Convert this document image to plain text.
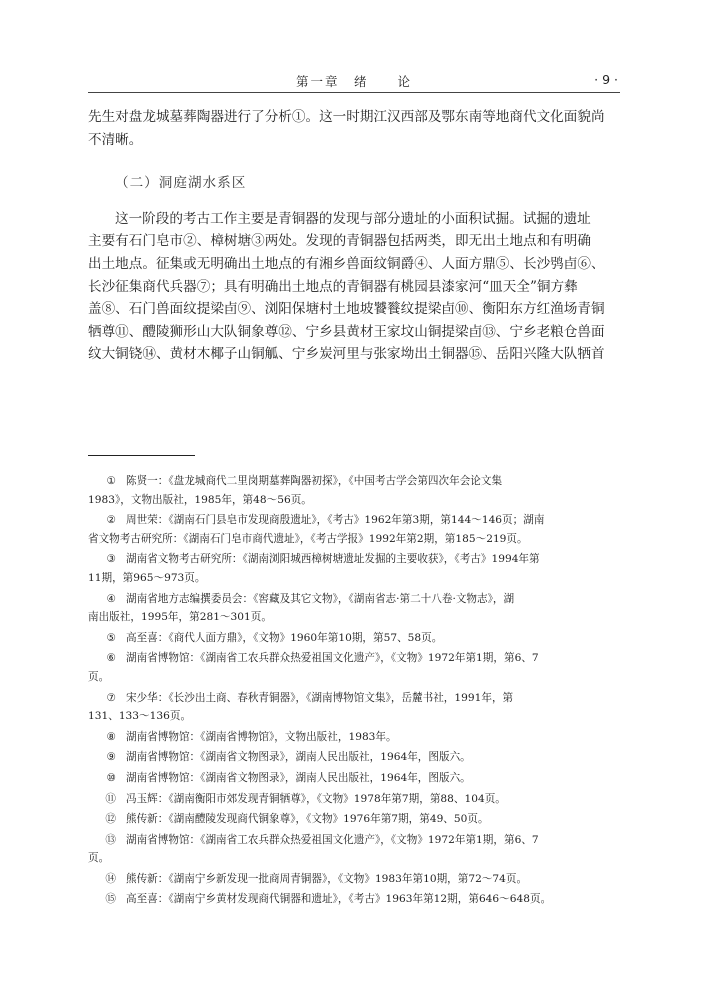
第一章　绪　　论	· 9 ·

先生对盘龙城墓葬陶器进行了分析①。这一时期江汉西部及鄂东南等地商代文化面貌尚
不清晰。

（二）洞庭湖水系区

这一阶段的考古工作主要是青铜器的发现与部分遗址的小面积试掘。试掘的遗址
主要有石门皂市②、樟树塘③两处。发现的青铜器包括两类，即无出土地点和有明确
出土地点。征集或无明确出土地点的有湘乡兽面纹铜爵④、人面方鼎⑤、长沙鸮卣⑥、
长沙征集商代兵器⑦；具有明确出土地点的青铜器有桃园县漆家河“皿天全”铜方彝
盖⑧、石门兽面纹提梁卣⑨、浏阳保塘村土地坡饕餮纹提梁卣⑩、衡阳东方红渔场青铜
牺尊⑪、醴陵狮形山大队铜象尊⑫、宁乡县黄材王家坟山铜提梁卣⑬、宁乡老粮仓兽面
纹大铜铙⑭、黄材木椰子山铜觚、宁乡炭河里与张家坳出土铜器⑮、岳阳兴隆大队牺首

① 陈贤一：《盘龙城商代二里岗期墓葬陶器初探》，《中国考古学会第四次年会论文集
1983》，文物出版社，1985年，第48～56页。
② 周世荣：《湖南石门县皂市发现商殷遗址》，《考古》1962年第3期，第144～146页；湖南
省文物考古研究所：《湖南石门皂市商代遗址》，《考古学报》1992年第2期，第185～219页。
③ 湖南省文物考古研究所：《湖南浏阳城西樟树塘遗址发掘的主要收获》，《考古》1994年第
11期，第965～973页。
④ 湖南省地方志编撰委员会：《窖藏及其它文物》，《湖南省志·第二十八卷·文物志》，湖
南出版社，1995年，第281～301页。
⑤ 高至喜：《商代人面方鼎》，《文物》1960年第10期，第57、58页。
⑥ 湖南省博物馆：《湖南省工农兵群众热爱祖国文化遗产》，《文物》1972年第1期，第6、7
页。
⑦ 宋少华：《长沙出土商、春秋青铜器》，《湖南博物馆文集》，岳麓书社，1991年，第
131、133～136页。
⑧ 湖南省博物馆：《湖南省博物馆》，文物出版社，1983年。
⑨ 湖南省博物馆：《湖南省文物图录》，湖南人民出版社，1964年，图版六。
⑩ 湖南省博物馆：《湖南省文物图录》，湖南人民出版社，1964年，图版六。
⑪ 冯玉辉：《湖南衡阳市郊发现青铜牺尊》，《文物》1978年第7期，第88、104页。
⑫ 熊传新：《湖南醴陵发现商代铜象尊》，《文物》1976年第7期，第49、50页。
⑬ 湖南省博物馆：《湖南省工农兵群众热爱祖国文化遗产》，《文物》1972年第1期，第6、7
页。
⑭ 熊传新：《湖南宁乡新发现一批商周青铜器》，《文物》1983年第10期，第72～74页。
⑮ 高至喜：《湖南宁乡黄材发现商代铜器和遗址》，《考古》1963年第12期，第646～648页。
